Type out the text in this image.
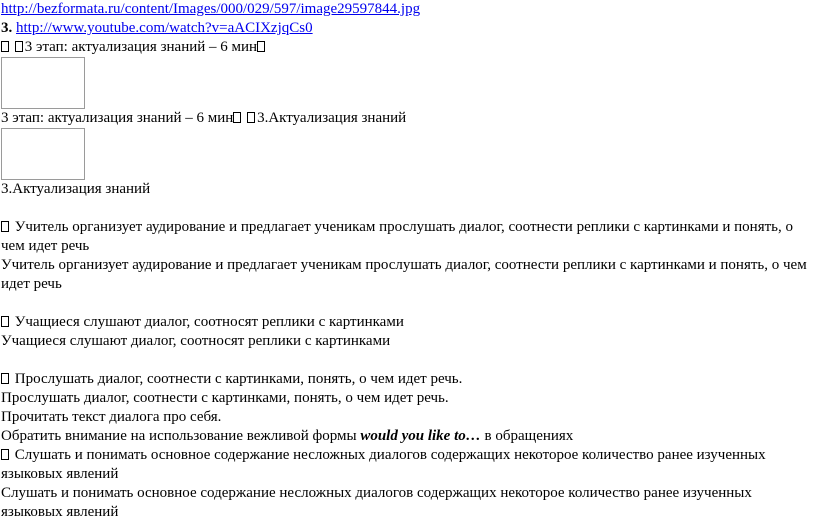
http://bezformata.ru/content/Images/000/029/597/image29597844.jpg
3. http://www.youtube.com/watch?v=aACIXzjqCs0
3 этап: актуализация знаний – 6 мин
3 этап: актуализация знаний – 6 мин 3.Актуализация знаний
3.Актуализация знаний
Учитель организует аудирование и предлагает ученикам прослушать диалог, соотнести реплики с картинками и понять, о чем идет речь
Учитель организует аудирование и предлагает ученикам прослушать диалог, соотнести реплики с картинками и понять, о чем идет речь
Учащиеся слушают диалог, соотносят реплики с картинками
Учащиеся слушают диалог, соотносят реплики с картинками
Прослушать диалог, соотнести с картинками, понять, о чем идет речь.
Прослушать диалог, соотнести с картинками, понять, о чем идет речь.
Прочитать текст диалога про себя.
Обратить внимание на использование вежливой формы would you like to… в обращениях
Слушать и понимать основное содержание несложных диалогов содержащих некоторое количество ранее изученных языковых явлений
Слушать и понимать основное содержание несложных диалогов содержащих некоторое количество ранее изученных языковых явлений
